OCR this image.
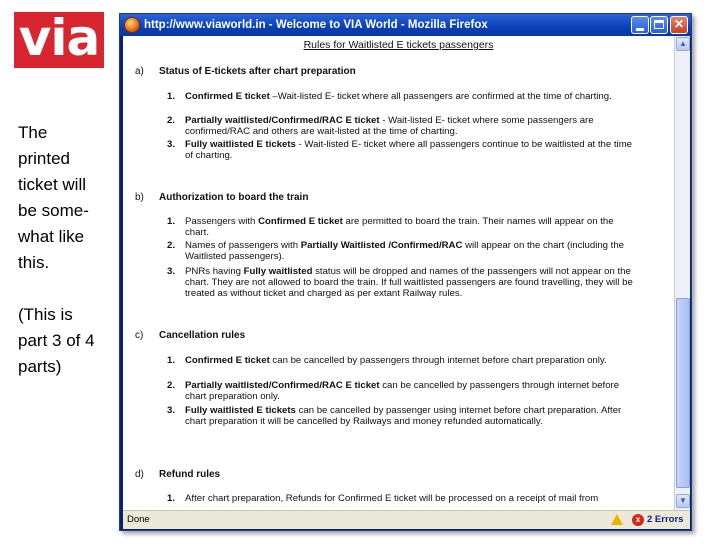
via
The
printed
ticket will
be some-
what like
this.
(This is
part 3 of 4
parts)
http://www.viaworld.in - Welcome to VIA World - Mozilla Firefox	✕
Rules for Waitlisted E tickets passengers
a) Status of E-tickets after chart preparation
1. Confirmed E ticket –Wait-listed E- ticket where all passengers are confirmed at the time of charting.
2. Partially waitlisted/Confirmed/RAC E ticket - Wait-listed E- ticket where some passengers are confirmed/RAC and others are wait-listed at the time of charting.
3. Fully waitlisted E tickets - Wait-listed E- ticket where all passengers continue to be waitlisted at the time of charting.
b) Authorization to board the train
1. Passengers with Confirmed E ticket are permitted to board the train. Their names will appear on the chart.
2. Names of passengers with Partially Waitlisted /Confirmed/RAC will appear on the chart (including the Waitlisted passengers).
3. PNRs having Fully waitlisted status will be dropped and names of the passengers will not appear on the chart. They are not allowed to board the train. If full waitlisted passengers are found travelling, they will be treated as without ticket and charged as per extant Railway rules.
c) Cancellation rules
1. Confirmed E ticket can be cancelled by passengers through internet before chart preparation only.
2. Partially waitlisted/Confirmed/RAC E ticket can be cancelled by passengers through internet before chart preparation only.
3. Fully waitlisted E tickets can be cancelled by passenger using internet before chart preparation. After chart preparation it will be cancelled by Railways and money refunded automatically.
d) Refund rules
1. After chart preparation, Refunds for Confirmed E ticket will be processed on a receipt of mail from
▲
▼
Done	x 2 Errors
